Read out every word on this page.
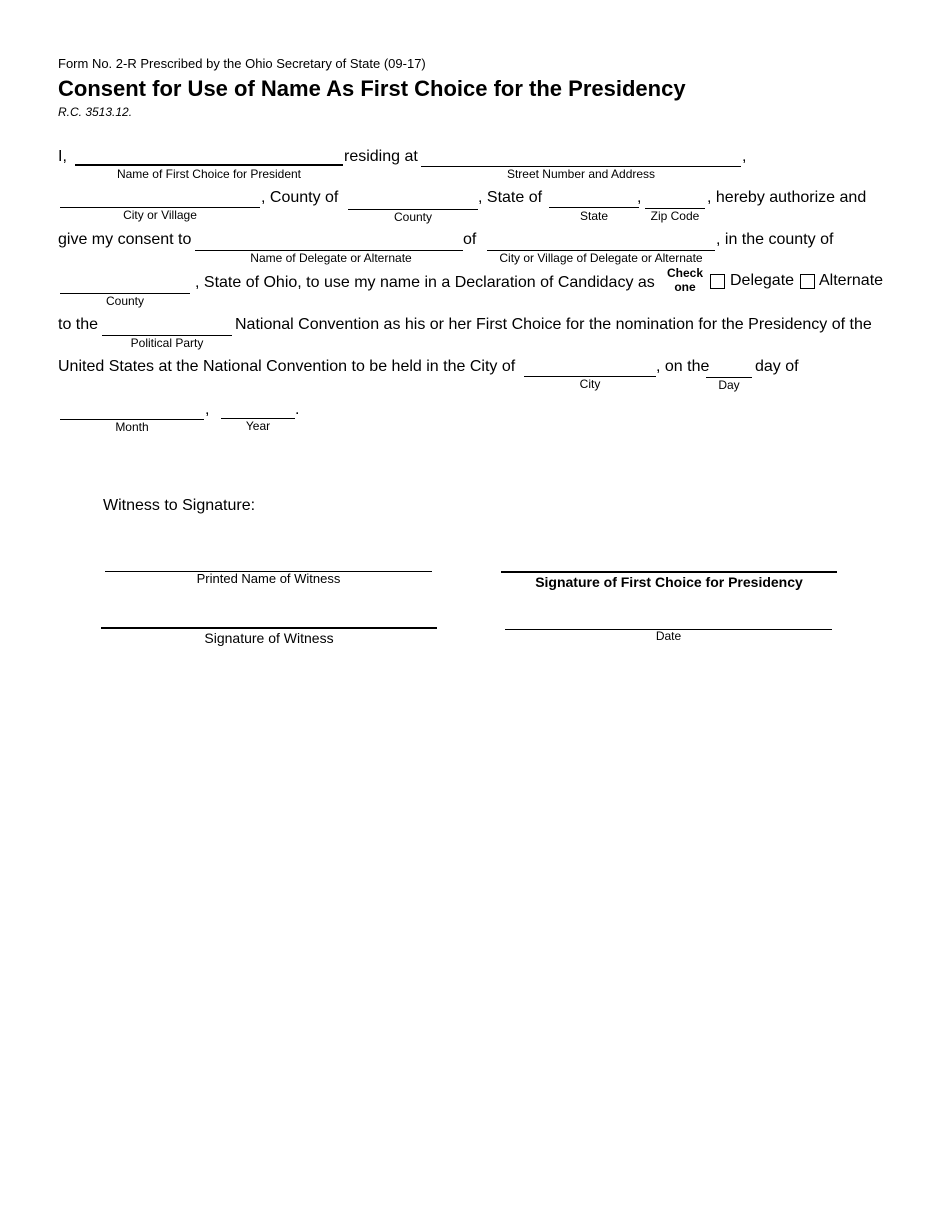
Form No. 2-R Prescribed by the Ohio Secretary of State (09-17)
Consent for Use of Name As First Choice for the Presidency
R.C. 3513.12.
I,
Name of First Choice for President
residing at
Street Number and Address
,
City or Village
, County of
County
, State of
State
,
Zip Code
, hereby authorize and
give my consent to
Name of Delegate or Alternate
of
City or Village of Delegate or Alternate
, in the county of
County
, State of Ohio, to use my name in a Declaration of Candidacy as
Check
one	Delegate Alternate
to the
Political Party
National Convention as his or her First Choice for the nomination for the Presidency of the
United States at the National Convention to be held in the City of
City
, on the
Day
day of
Month
,
Year
.
Witness to Signature:
Printed Name of Witness	Signature of First Choice for Presidency
Signature of Witness	Date
